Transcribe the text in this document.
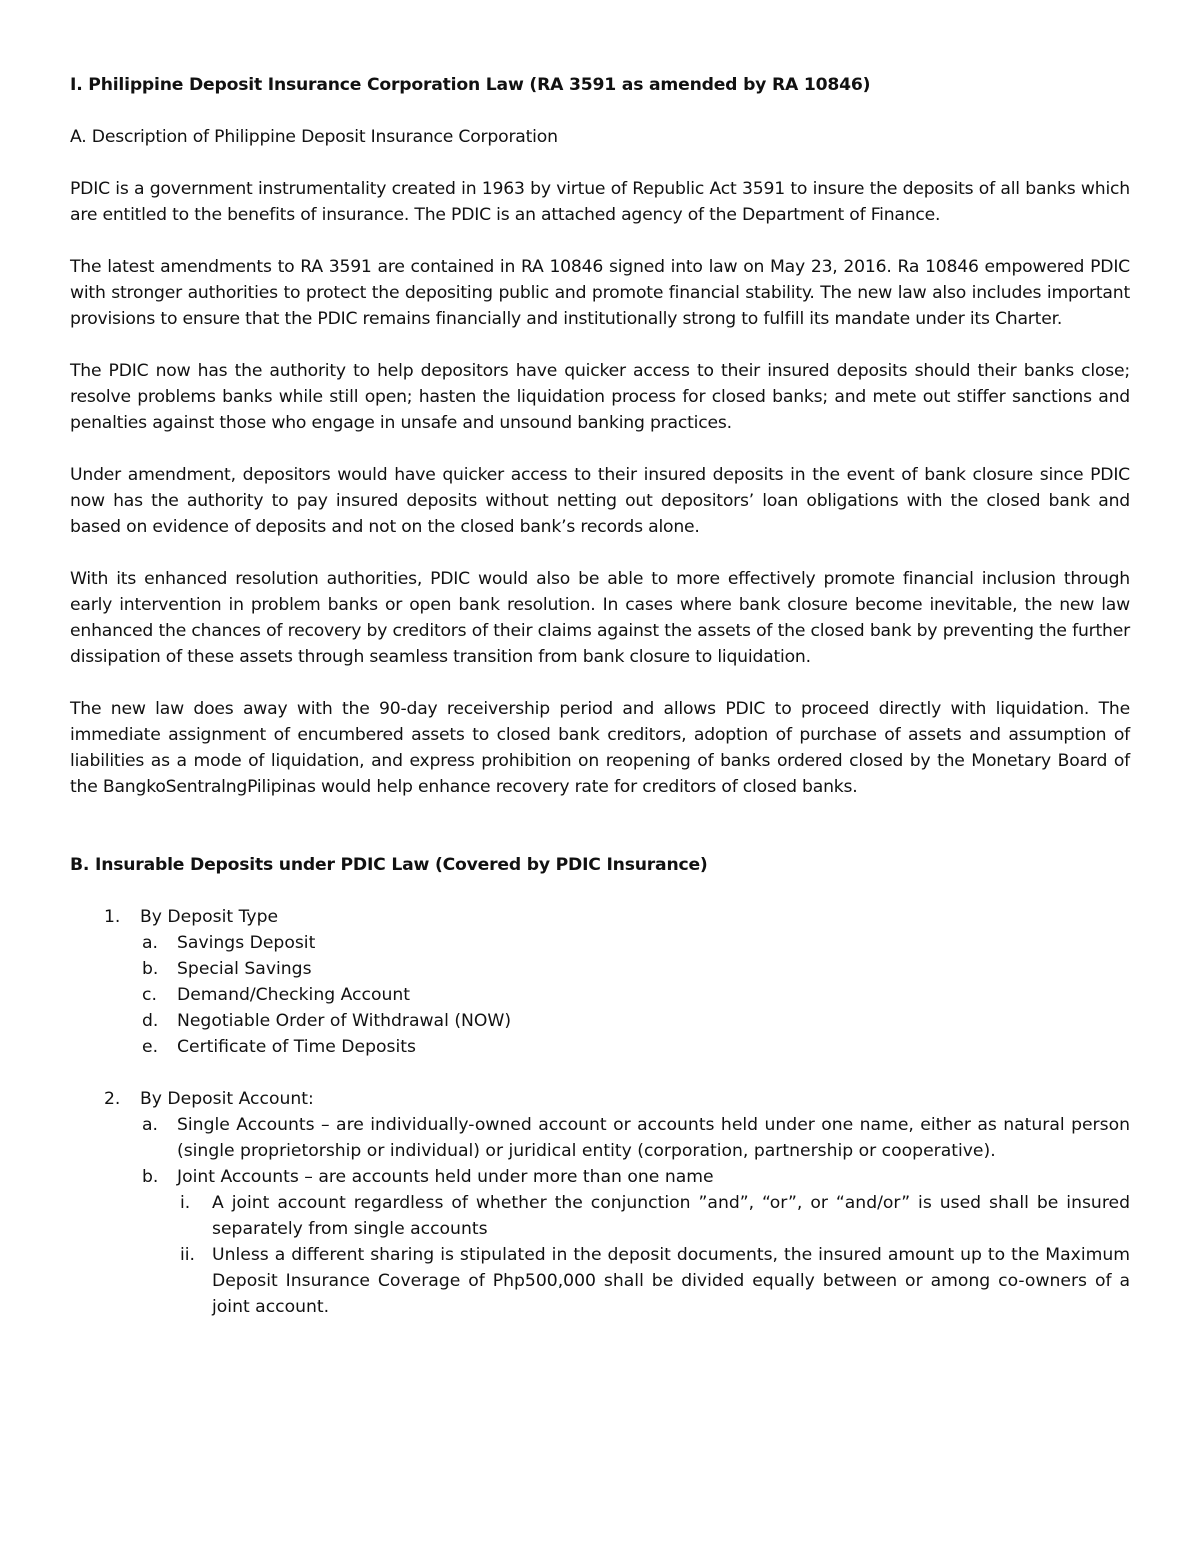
I. Philippine Deposit Insurance Corporation Law (RA 3591 as amended by RA 10846)

A. Description of Philippine Deposit Insurance Corporation

PDIC is a government instrumentality created in 1963 by virtue of Republic Act 3591 to insure the deposits of all banks which are entitled to the benefits of insurance. The PDIC is an attached agency of the Department of Finance.

The latest amendments to RA 3591 are contained in RA 10846 signed into law on May 23, 2016. Ra 10846 empowered PDIC with stronger authorities to protect the depositing public and promote financial stability. The new law also includes important provisions to ensure that the PDIC remains financially and institutionally strong to fulfill its mandate under its Charter.

The PDIC now has the authority to help depositors have quicker access to their insured deposits should their banks close; resolve problems banks while still open; hasten the liquidation process for closed banks; and mete out stiffer sanctions and penalties against those who engage in unsafe and unsound banking practices.

Under amendment, depositors would have quicker access to their insured deposits in the event of bank closure since PDIC now has the authority to pay insured deposits without netting out depositors’ loan obligations with the closed bank and based on evidence of deposits and not on the closed bank’s records alone.

With its enhanced resolution authorities, PDIC would also be able to more effectively promote financial inclusion through early intervention in problem banks or open bank resolution. In cases where bank closure become inevitable, the new law enhanced the chances of recovery by creditors of their claims against the assets of the closed bank by preventing the further dissipation of these assets through seamless transition from bank closure to liquidation.

The new law does away with the 90-day receivership period and allows PDIC to proceed directly with liquidation. The immediate assignment of encumbered assets to closed bank creditors, adoption of purchase of assets and assumption of liabilities as a mode of liquidation, and express prohibition on reopening of banks ordered closed by the Monetary Board of the BangkoSentralngPilipinas would help enhance recovery rate for creditors of closed banks.

B. Insurable Deposits under PDIC Law (Covered by PDIC Insurance)

1. By Deposit Type
a. Savings Deposit
b. Special Savings
c. Demand/Checking Account
d. Negotiable Order of Withdrawal (NOW)
e. Certificate of Time Deposits
2. By Deposit Account:
a. Single Accounts – are individually-owned account or accounts held under one name, either as natural person (single proprietorship or individual) or juridical entity (corporation, partnership or cooperative).
b. Joint Accounts – are accounts held under more than one name
i. A joint account regardless of whether the conjunction ”and”, “or”, or “and/or” is used shall be insured separately from single accounts
ii. Unless a different sharing is stipulated in the deposit documents, the insured amount up to the Maximum Deposit Insurance Coverage of Php500,000 shall be divided equally between or among co-owners of a joint account.
